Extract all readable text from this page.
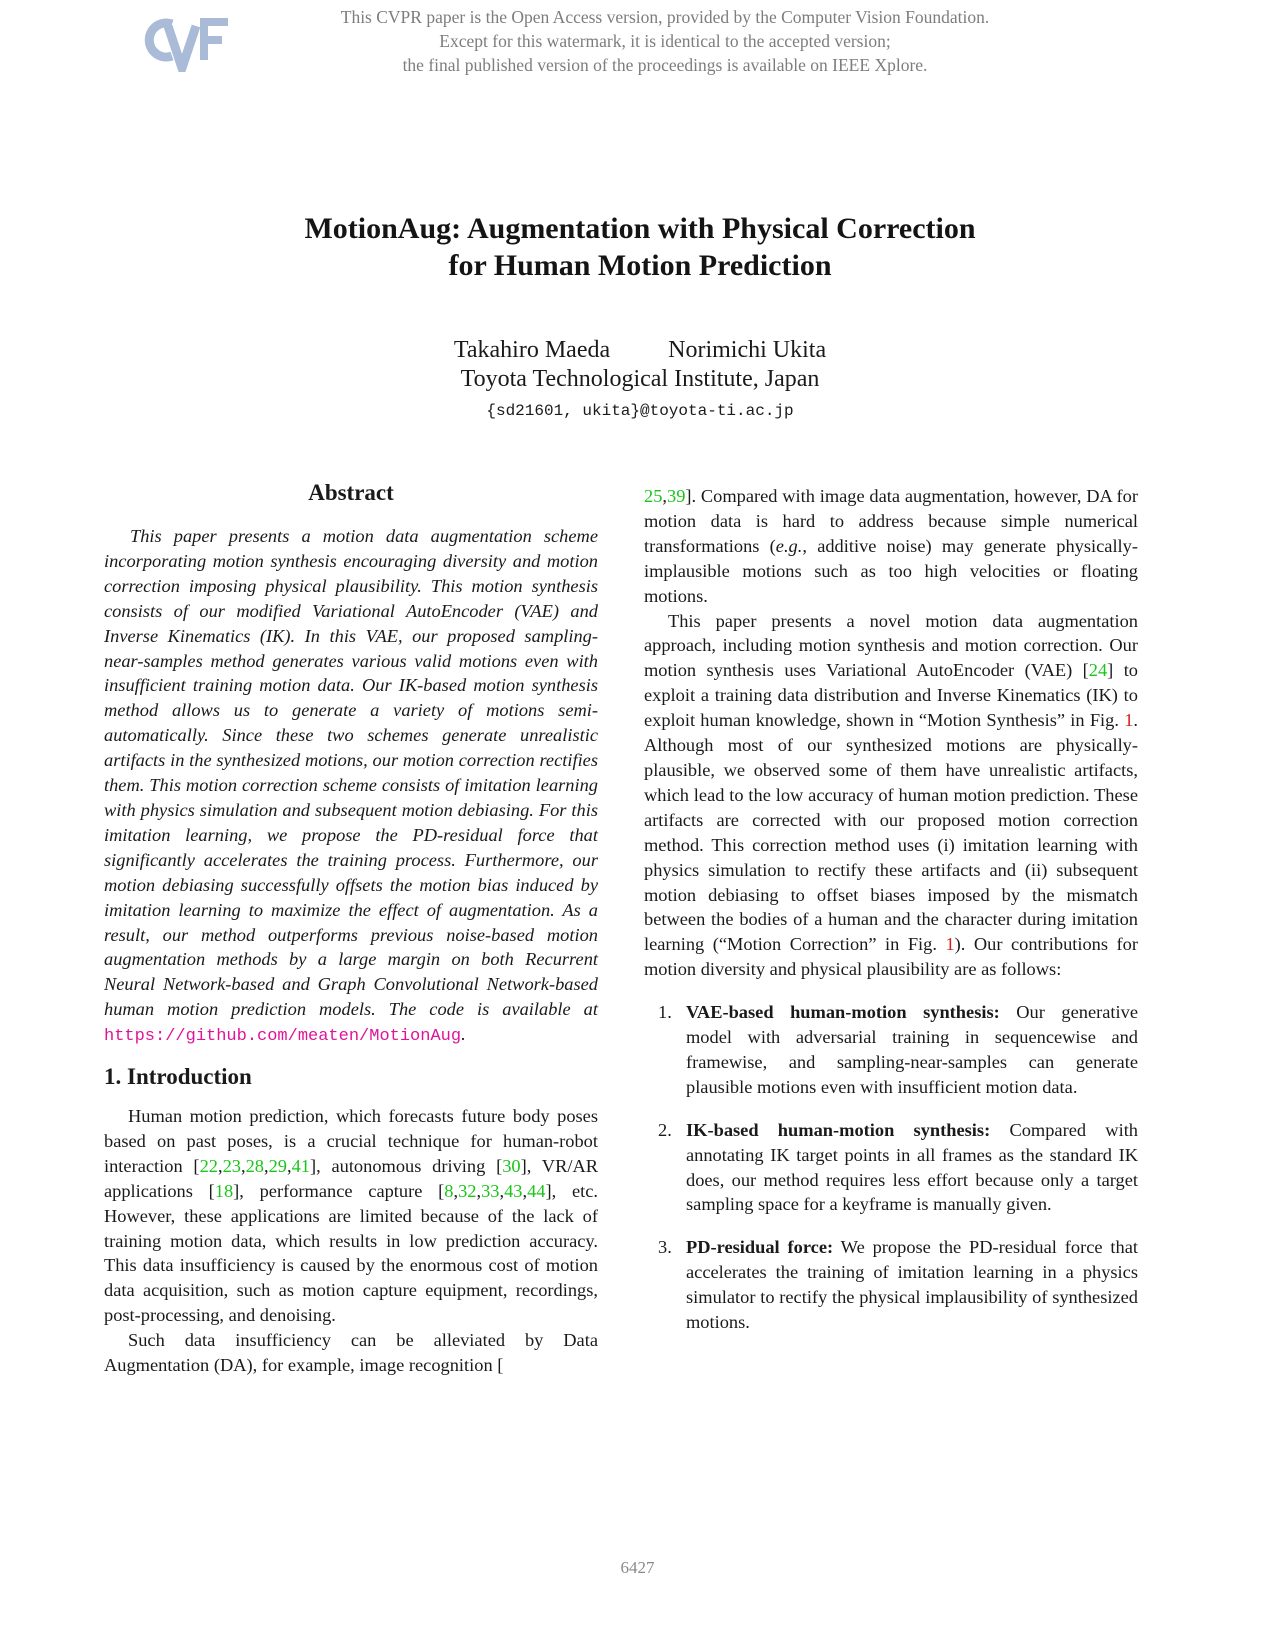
This CVPR paper is the Open Access version, provided by the Computer Vision Foundation.
Except for this watermark, it is identical to the accepted version;
the final published version of the proceedings is available on IEEE Xplore.
MotionAug: Augmentation with Physical Correction
for Human Motion Prediction
Takahiro Maeda Norimichi Ukita
Toyota Technological Institute, Japan
{sd21601, ukita}@toyota-ti.ac.jp
Abstract

This paper presents a motion data augmentation scheme incorporating motion synthesis encouraging diversity and motion correction imposing physical plausibility. This motion synthesis consists of our modified Variational AutoEncoder (VAE) and Inverse Kinematics (IK). In this VAE, our proposed sampling-near-samples method generates various valid motions even with insufficient training motion data. Our IK-based motion synthesis method allows us to generate a variety of motions semi-automatically. Since these two schemes generate unrealistic artifacts in the synthesized motions, our motion correction rectifies them. This motion correction scheme consists of imitation learning with physics simulation and subsequent motion debiasing. For this imitation learning, we propose the PD-residual force that significantly accelerates the training process. Furthermore, our motion debiasing successfully offsets the motion bias induced by imitation learning to maximize the effect of augmentation. As a result, our method outperforms previous noise-based motion augmentation methods by a large margin on both Recurrent Neural Network-based and Graph Convolutional Network-based human motion prediction models. The code is available at https://github.com/meaten/MotionAug.

1. Introduction

Human motion prediction, which forecasts future body poses based on past poses, is a crucial technique for human-robot interaction [22,23,28,29,41], autonomous driving [30], VR/AR applications [18], performance capture [8,32,33,43,44], etc. However, these applications are limited because of the lack of training motion data, which results in low prediction accuracy. This data insufficiency is caused by the enormous cost of motion data acquisition, such as motion capture equipment, recordings, post-processing, and denoising.

Such data insufficiency can be alleviated by Data Augmentation (DA), for example, image recognition [

25,39]. Compared with image data augmentation, however, DA for motion data is hard to address because simple numerical transformations (e.g., additive noise) may generate physically-implausible motions such as too high velocities or floating motions.

This paper presents a novel motion data augmentation approach, including motion synthesis and motion correction. Our motion synthesis uses Variational AutoEncoder (VAE) [24] to exploit a training data distribution and Inverse Kinematics (IK) to exploit human knowledge, shown in “Motion Synthesis” in Fig. 1. Although most of our synthesized motions are physically-plausible, we observed some of them have unrealistic artifacts, which lead to the low accuracy of human motion prediction. These artifacts are corrected with our proposed motion correction method. This correction method uses (i) imitation learning with physics simulation to rectify these artifacts and (ii) subsequent motion debiasing to offset biases imposed by the mismatch between the bodies of a human and the character during imitation learning (“Motion Correction” in Fig. 1). Our contributions for motion diversity and physical plausibility are as follows:

1. VAE-based human-motion synthesis: Our generative model with adversarial training in sequencewise and framewise, and sampling-near-samples can generate plausible motions even with insufficient motion data.
2. IK-based human-motion synthesis: Compared with annotating IK target points in all frames as the standard IK does, our method requires less effort because only a target sampling space for a keyframe is manually given.
3. PD-residual force: We propose the PD-residual force that accelerates the training of imitation learning in a physics simulator to rectify the physical implausibility of synthesized motions.
6427
